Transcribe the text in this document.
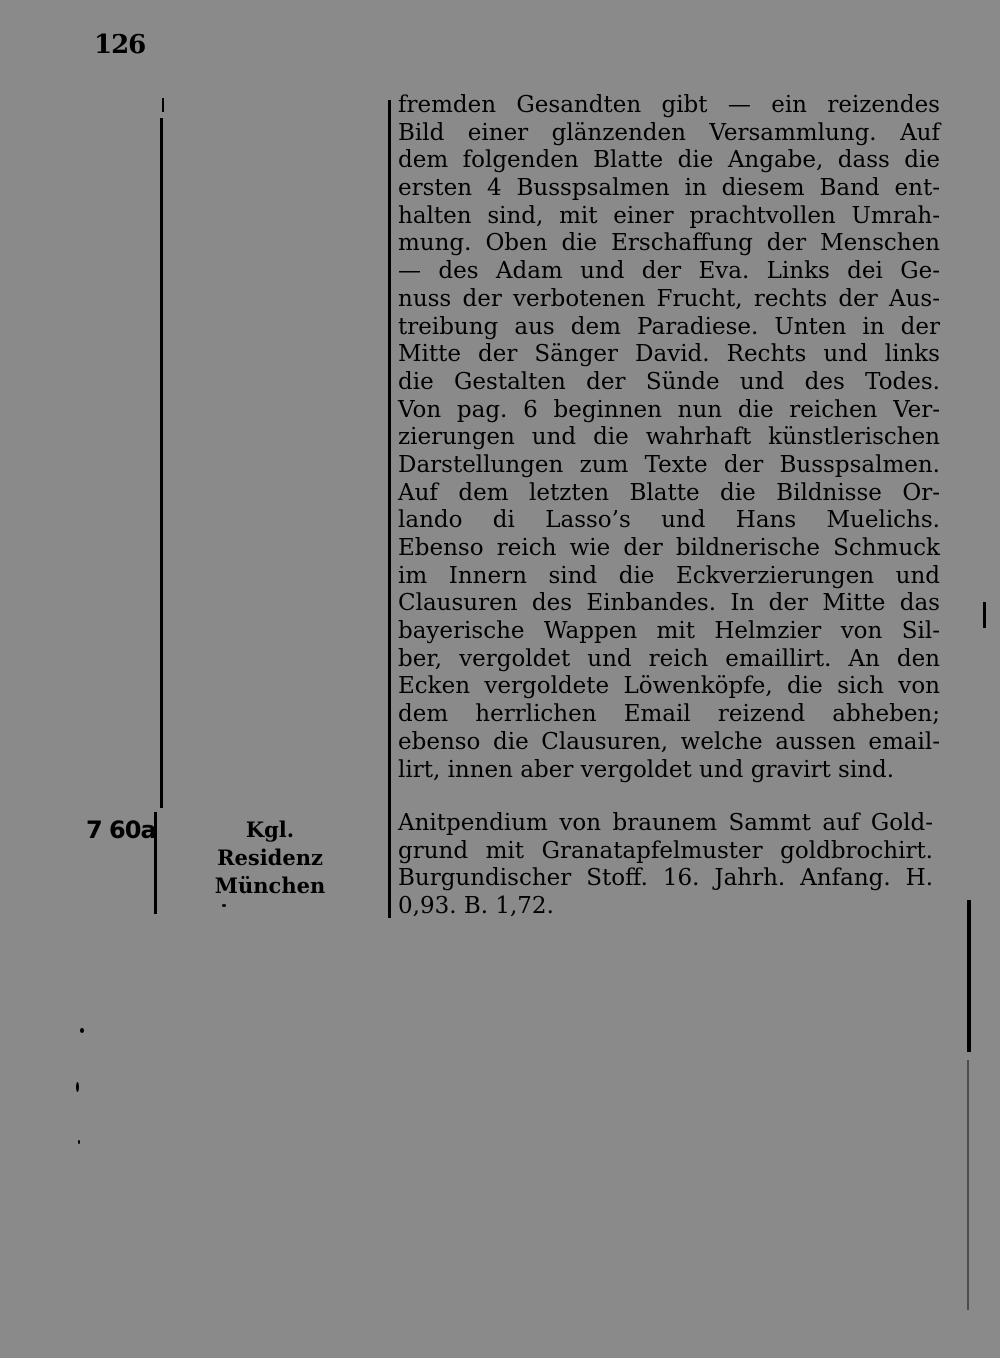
126
fremden Gesandten gibt — ein reizendes
Bild einer glänzenden Versammlung. Auf
dem folgenden Blatte die Angabe, dass die
ersten 4 Busspsalmen in diesem Band ent-
halten sind, mit einer prachtvollen Umrah-
mung. Oben die Erschaffung der Menschen
— des Adam und der Eva. Links dei Ge-
nuss der verbotenen Frucht, rechts der Aus-
treibung aus dem Paradiese. Unten in der
Mitte der Sänger David. Rechts und links
die Gestalten der Sünde und des Todes.
Von pag. 6 beginnen nun die reichen Ver-
zierungen und die wahrhaft künstlerischen
Darstellungen zum Texte der Busspsalmen.
Auf dem letzten Blatte die Bildnisse Or-
lando di Lasso’s und Hans Muelichs.
Ebenso reich wie der bildnerische Schmuck
im Innern sind die Eckverzierungen und
Clausuren des Einbandes. In der Mitte das
bayerische Wappen mit Helmzier von Sil-
ber, vergoldet und reich emaillirt. An den
Ecken vergoldete Löwenköpfe, die sich von
dem herrlichen Email reizend abheben;
ebenso die Clausuren, welche aussen email-
lirt, innen aber vergoldet und gravirt sind.
7 60a	Kgl. Residenz
München
Anitpendium von braunem Sammt auf Gold-
grund mit Granatapfelmuster goldbrochirt.
Burgundischer Stoff. 16. Jahrh. Anfang. H.
0,93. B. 1,72.
